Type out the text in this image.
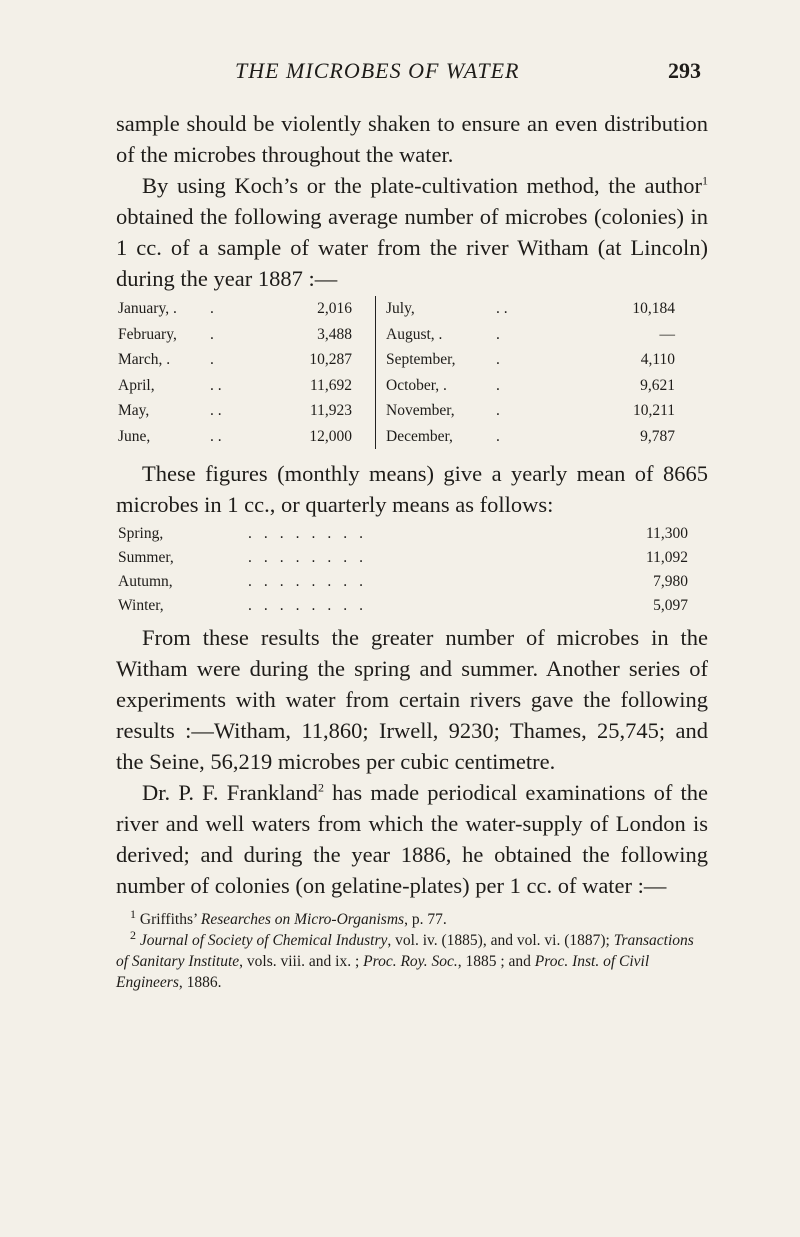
THE MICROBES OF WATER	293

sample should be violently shaken to ensure an even distribution of the microbes throughout the water.

By using Koch’s or the plate-cultivation method, the author$^1$ obtained the following average number of microbes (colonies) in 1 cc. of a sample of water from the river Witham (at Lincoln) during the year 1887 :—

January, . .	2,016
February, .	3,488
March, .	.	10,287
April,	. .	11,692
May,	. .	11,923
June,	. .	12,000
July,	. .	10,184
August, .	.	—
September,	.	4,110
October, .	.	9,621
November,	.	10,211
December,	.	9,787

These figures (monthly means) give a yearly mean of 8665 microbes in 1 cc., or quarterly means as follows:

Spring,	........	11,300
Summer,	........	11,092
Autumn,	........	7,980
Winter,	........	5,097

From these results the greater number of microbes in the Witham were during the spring and summer. Another series of experiments with water from certain rivers gave the following results :—Witham, 11,860; Irwell, 9230; Thames, 25,745; and the Seine, 56,219 microbes per cubic centimetre.

Dr. P. F. Frankland$^2$ has made periodical examinations of the river and well waters from which the water-supply of London is derived; and during the year 1886, he obtained the following number of colonies (on gelatine-plates) per 1 cc. of water :—

$^1$ Griffiths’ Researches on Micro-Organisms, p. 77.

$^2$ Journal of Society of Chemical Industry, vol. iv. (1885), and vol. vi. (1887); Transactions of Sanitary Institute, vols. viii. and ix. ; Proc. Roy. Soc., 1885 ; and Proc. Inst. of Civil Engineers, 1886.
